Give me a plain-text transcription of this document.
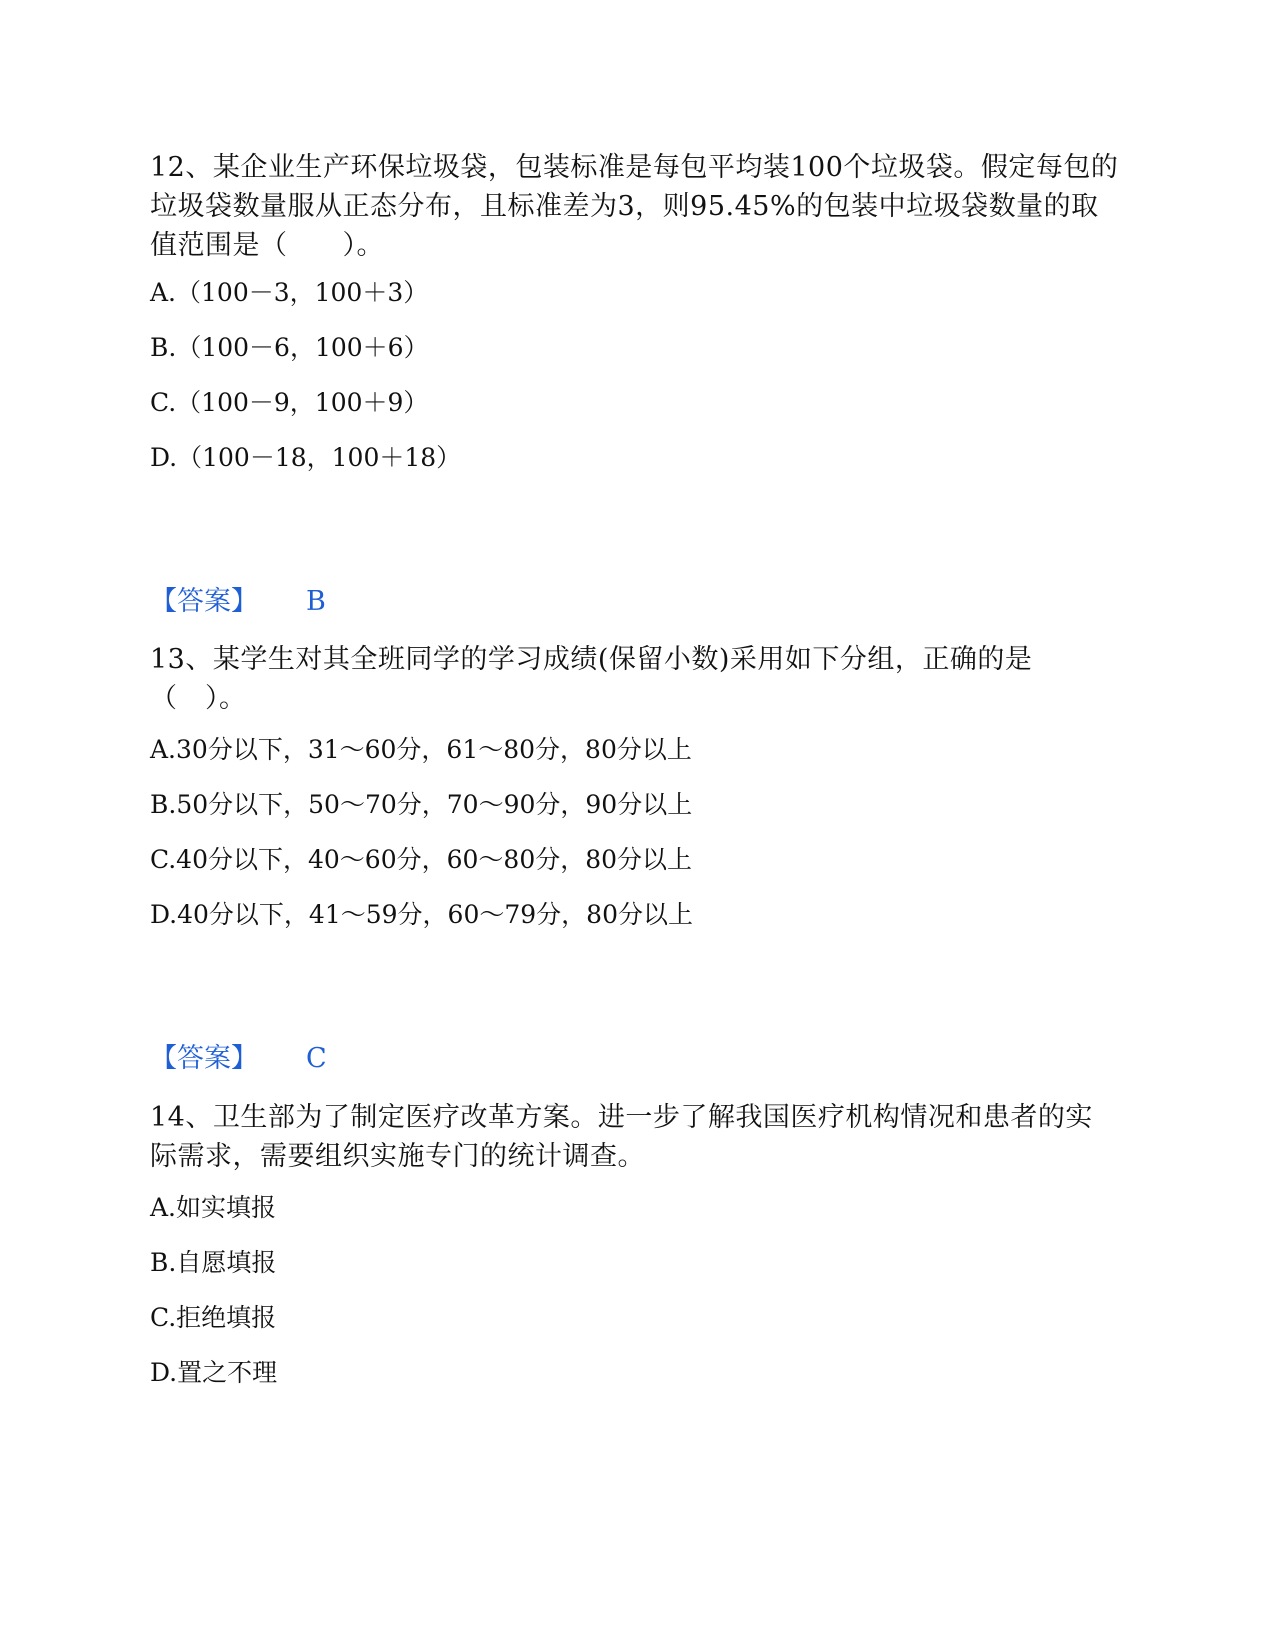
12、某企业生产环保垃圾袋，包装标准是每包平均装100个垃圾袋。假定每包的垃圾袋数量服从正态分布，且标准差为3，则95.45%的包装中垃圾袋数量的取值范围是（　　）。

A.（100－3，100＋3）

B.（100－6，100＋6）

C.（100－9，100＋9）

D.（100－18，100＋18）

【答案】 B

13、某学生对其全班同学的学习成绩(保留小数)采用如下分组，正确的是（　）。

A.30分以下，31～60分，61～80分，80分以上

B.50分以下，50～70分，70～90分，90分以上

C.40分以下，40～60分，60～80分，80分以上

D.40分以下，41～59分，60～79分，80分以上

【答案】 C

14、卫生部为了制定医疗改革方案。进一步了解我国医疗机构情况和患者的实际需求，需要组织实施专门的统计调查。

A.如实填报

B.自愿填报

C.拒绝填报

D.置之不理
